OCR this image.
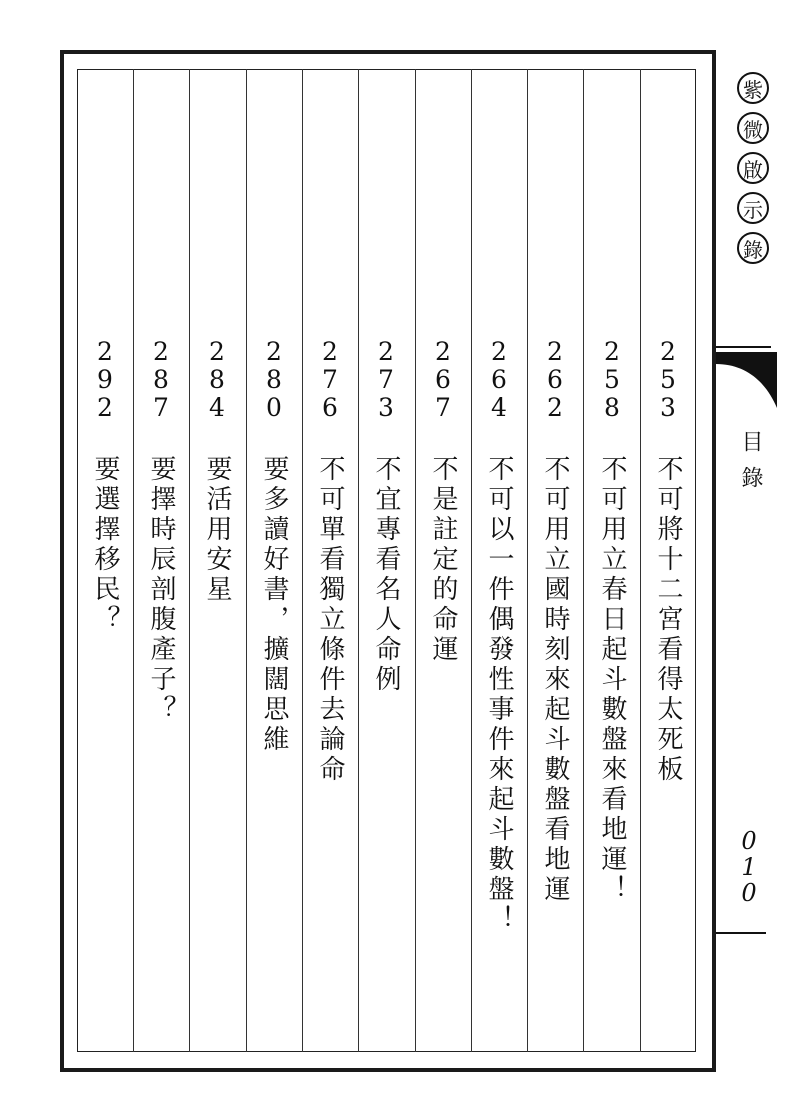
2
5
3
不可將十二宮看得太死板
2
5
8
不可用立春日起斗數盤來看地運！
2
6
2
不可用立國時刻來起斗數盤看地運
2
6
4
不可以一件偶發性事件來起斗數盤！
2
6
7
不是註定的命運
2
7
3
不宜專看名人命例
2
7
6
不可單看獨立條件去論命
2
8
0
要多讀好書，擴闊思維
2
8
4
要活用安星
2
8
7
要擇時辰剖腹產子？
2
9
2
要選擇移民？
紫
微
啟
示
錄
目錄
0
1
0
